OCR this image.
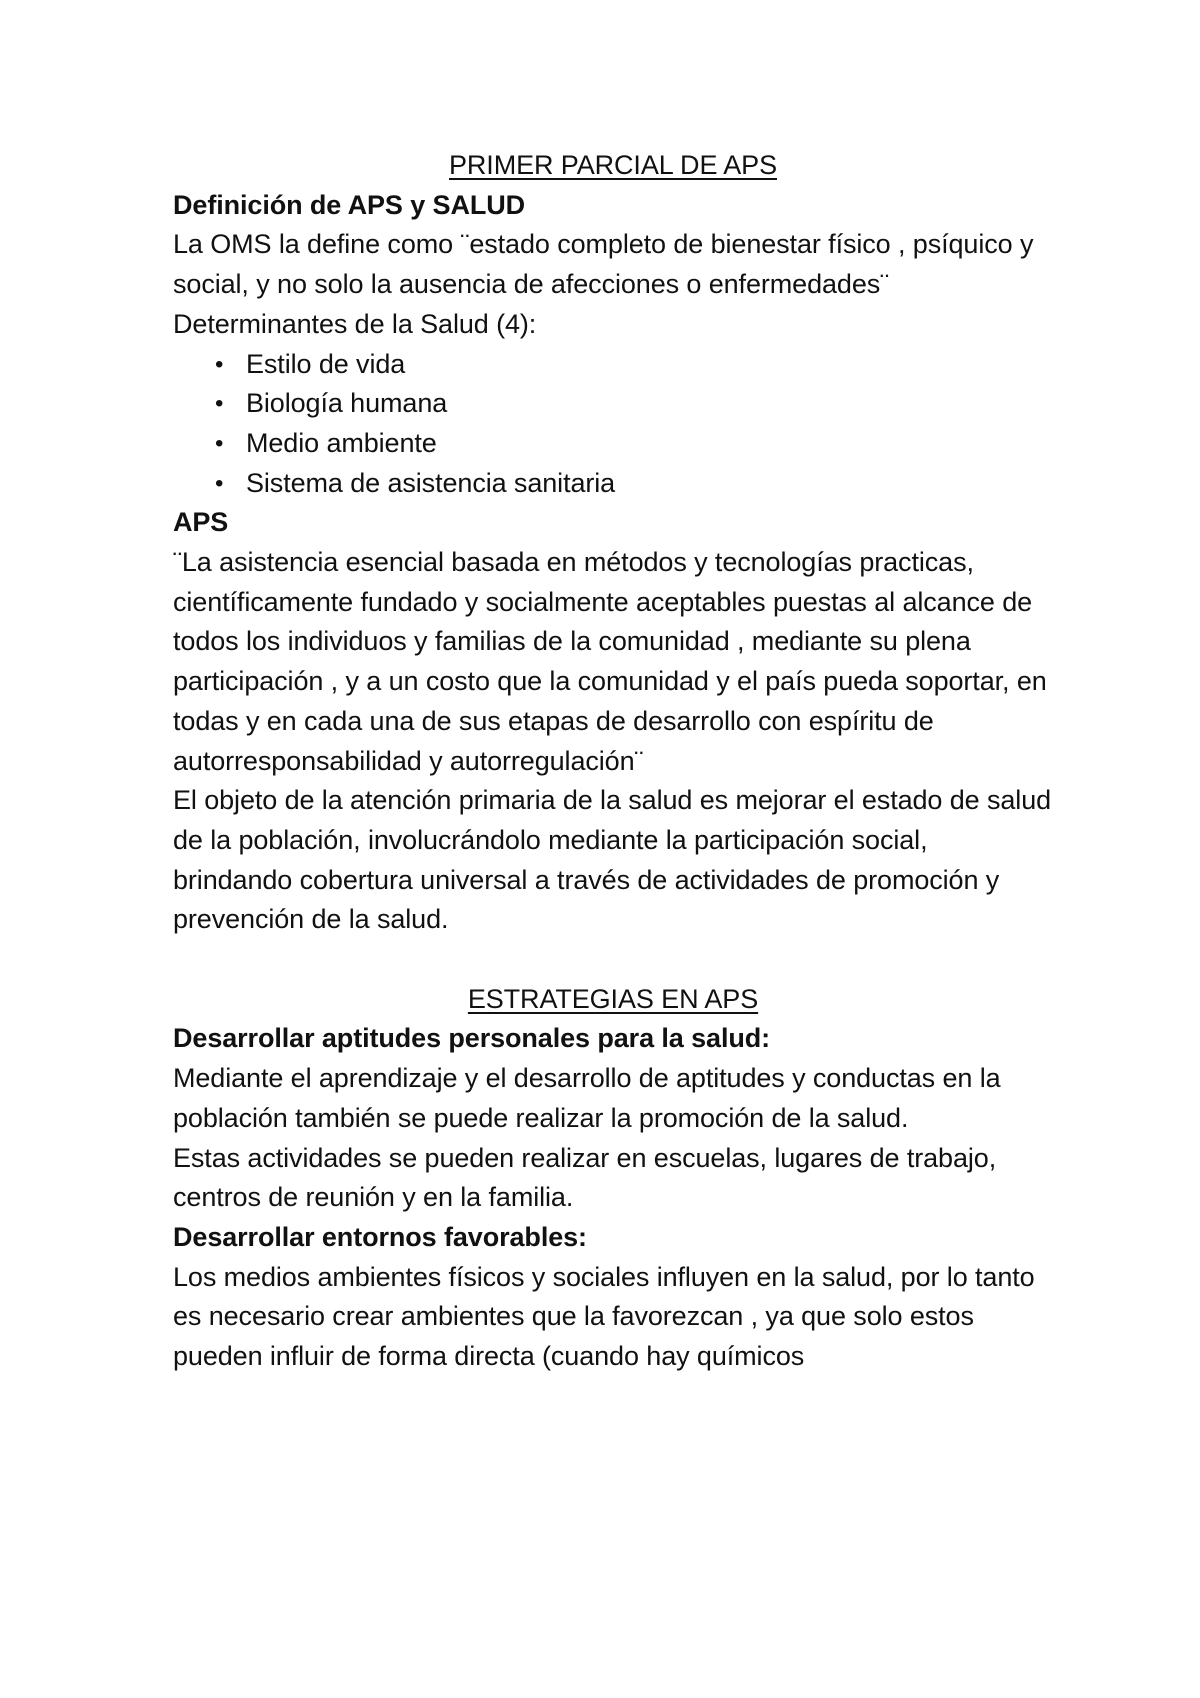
PRIMER PARCIAL DE APS

Definición de APS y SALUD

La OMS la define como ¨estado completo de bienestar físico , psíquico y social, y no solo la ausencia de afecciones o enfermedades¨

Determinantes de la Salud (4):

• Estilo de vida
• Biología humana
• Medio ambiente
• Sistema de asistencia sanitaria

APS

¨La asistencia esencial basada en métodos y tecnologías practicas, científicamente fundado y socialmente aceptables puestas al alcance de todos los individuos y familias de la comunidad , mediante su plena participación , y a un costo que la comunidad y el país pueda soportar, en todas y en cada una de sus etapas de desarrollo con espíritu de autorresponsabilidad y autorregulación¨

El objeto de la atención primaria de la salud es mejorar el estado de salud de la población, involucrándolo mediante la participación social, brindando cobertura universal a través de actividades de promoción y prevención de la salud.

ESTRATEGIAS EN APS

Desarrollar aptitudes personales para la salud:

Mediante el aprendizaje y el desarrollo de aptitudes y conductas en la población también se puede realizar la promoción de la salud.

Estas actividades se pueden realizar en escuelas, lugares de trabajo, centros de reunión y en la familia.

Desarrollar entornos favorables:

Los medios ambientes físicos y sociales influyen en la salud, por lo tanto es necesario crear ambientes que la favorezcan , ya que solo estos pueden influir de forma directa (cuando hay químicos
